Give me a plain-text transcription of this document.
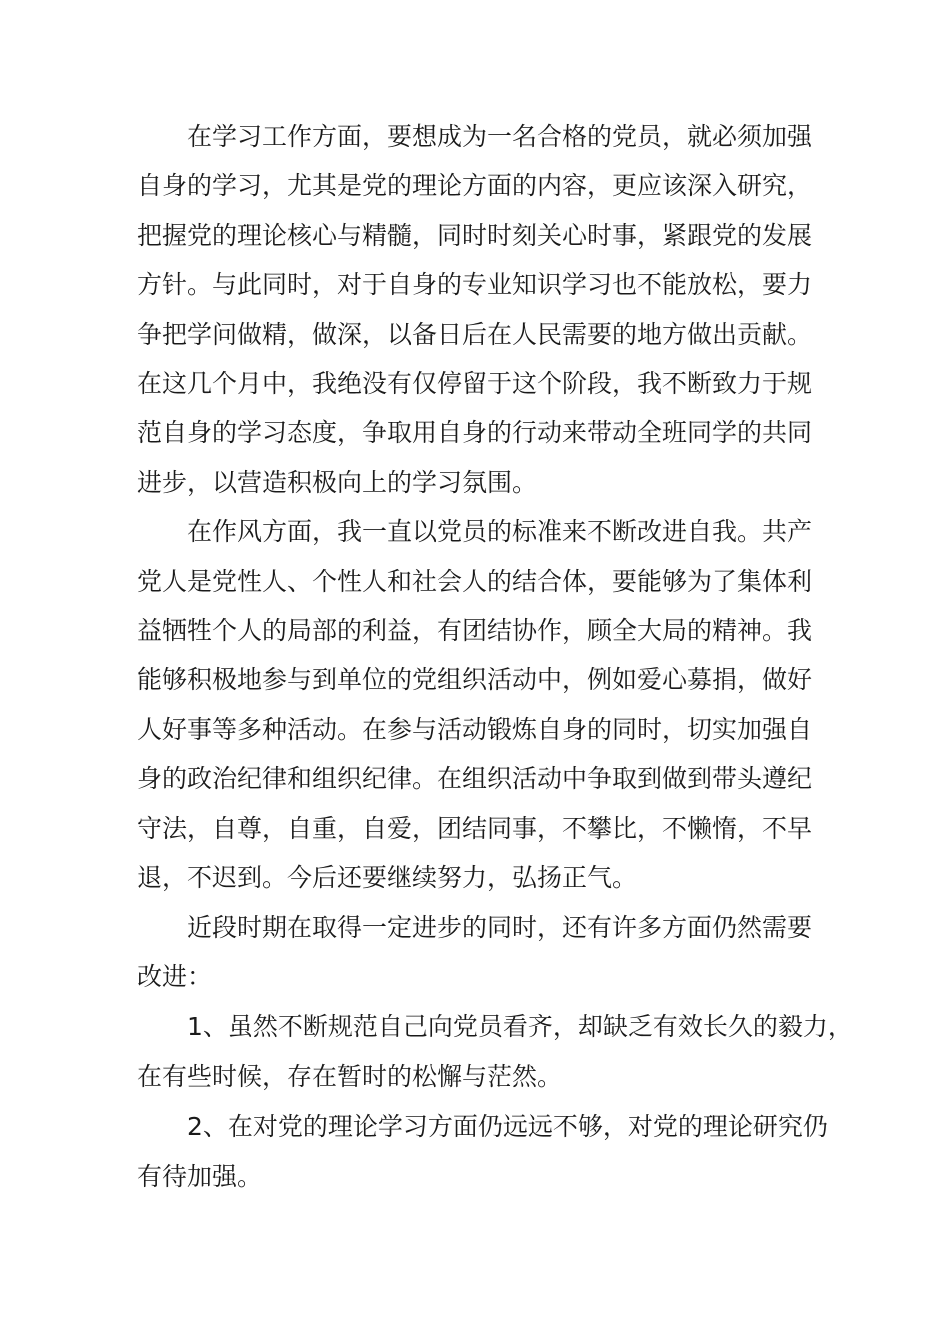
在学习工作方面，要想成为一名合格的党员，就必须加强

自身的学习，尤其是党的理论方面的内容，更应该深入研究，

把握党的理论核心与精髓，同时时刻关心时事，紧跟党的发展

方针。与此同时，对于自身的专业知识学习也不能放松，要力

争把学问做精，做深，以备日后在人民需要的地方做出贡献。

在这几个月中，我绝没有仅停留于这个阶段，我不断致力于规

范自身的学习态度，争取用自身的行动来带动全班同学的共同

进步，以营造积极向上的学习氛围。

在作风方面，我一直以党员的标准来不断改进自我。共产

党人是党性人、个性人和社会人的结合体，要能够为了集体利

益牺牲个人的局部的利益，有团结协作，顾全大局的精神。我

能够积极地参与到单位的党组织活动中，例如爱心募捐，做好

人好事等多种活动。在参与活动锻炼自身的同时，切实加强自

身的政治纪律和组织纪律。在组织活动中争取到做到带头遵纪

守法，自尊，自重，自爱，团结同事，不攀比，不懒惰，不早

退，不迟到。今后还要继续努力，弘扬正气。

近段时期在取得一定进步的同时，还有许多方面仍然需要

改进：

1、虽然不断规范自己向党员看齐，却缺乏有效长久的毅力，

在有些时候，存在暂时的松懈与茫然。

2、在对党的理论学习方面仍远远不够，对党的理论研究仍

有待加强。
